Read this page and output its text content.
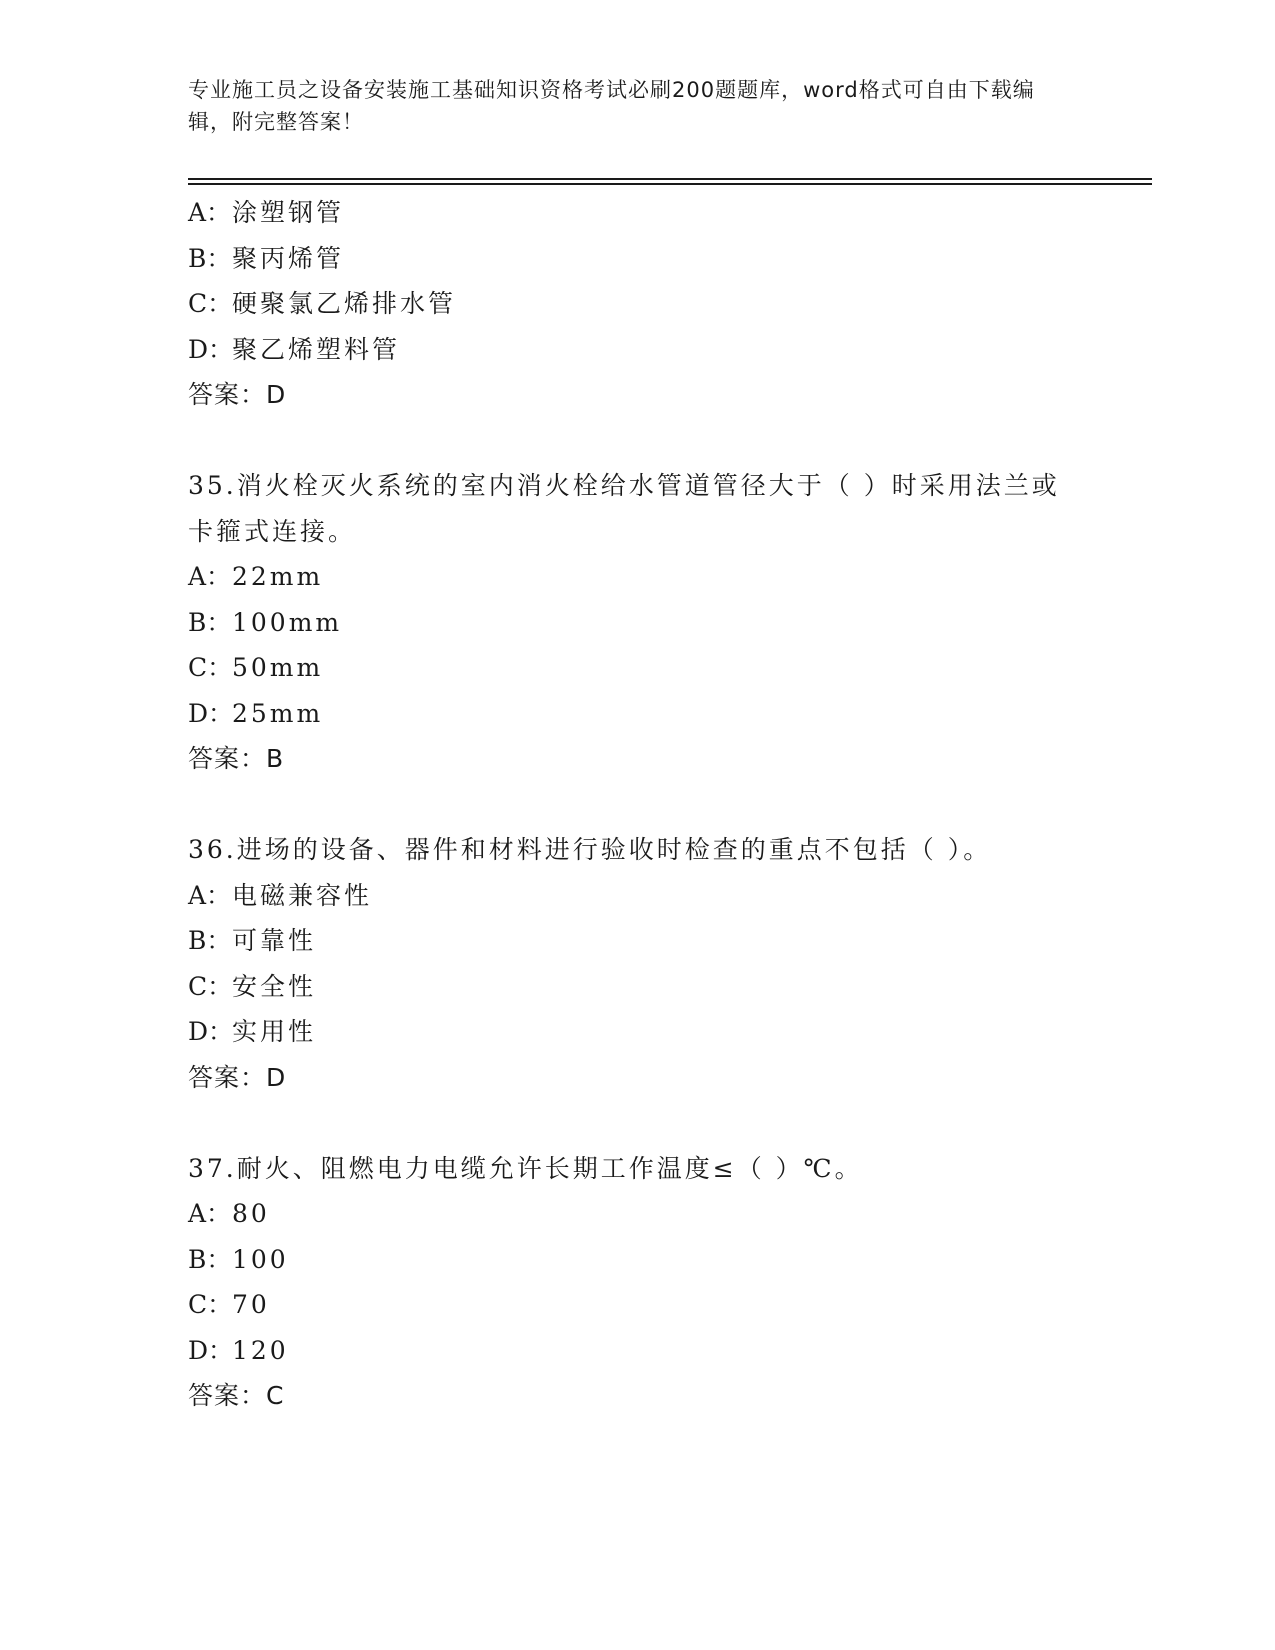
专业施工员之设备安装施工基础知识资格考试必刷200题题库，word格式可自由下载编辑，附完整答案！
A：涂塑钢管
B：聚丙烯管
C：硬聚氯乙烯排水管
D：聚乙烯塑料管
答案：D
35.消火栓灭火系统的室内消火栓给水管道管径大于（ ）时采用法兰或卡箍式连接。
A：22mm
B：100mm
C：50mm
D：25mm
答案：B
36.进场的设备、器件和材料进行验收时检查的重点不包括（ ）。
A：电磁兼容性
B：可靠性
C：安全性
D：实用性
答案：D
37.耐火、阻燃电力电缆允许长期工作温度≤（ ）℃。
A：80
B：100
C：70
D：120
答案：C
